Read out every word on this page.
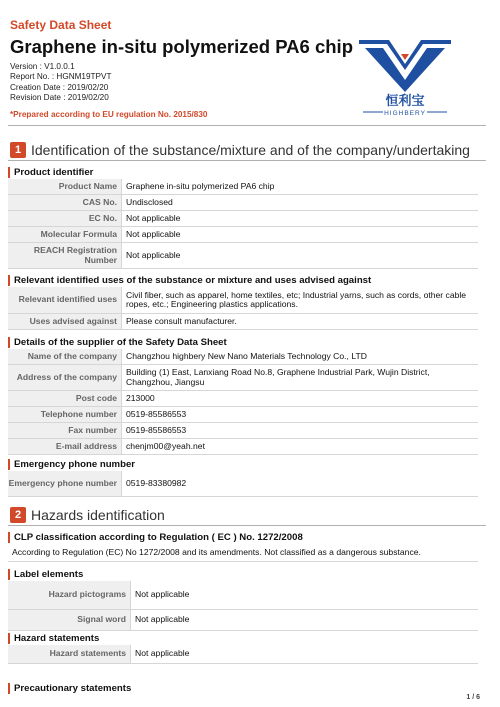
Safety Data Sheet
Graphene in-situ polymerized PA6 chip
Version : V1.0.0.1
Report No. : HGNM19TPVT
Creation Date : 2019/02/20
Revision Date : 2019/02/20
*Prepared according to EU regulation No. 2015/830
恒利宝
HIGHBERY
1 Identification of the substance/mixture and of the company/undertaking
Product identifier
Product Name	Graphene in-situ polymerized PA6 chip
CAS No.	Undisclosed
EC No.	Not applicable
Molecular Formula	Not applicable
REACH Registration Number	Not applicable
Relevant identified uses of the substance or mixture and uses advised against
Relevant identified uses	Civil fiber, such as apparel, home textiles, etc; Industrial yarns, such as cords, other cable ropes, etc.; Engineering plastics applications.
Uses advised against	Please consult manufacturer.
Details of the supplier of the Safety Data Sheet
Name of the company	Changzhou highbery New Nano Materials Technology Co., LTD
Address of the company	Building (1) East, Lanxiang Road No.8, Graphene Industrial Park, Wujin District, Changzhou, Jiangsu
Post code	213000
Telephone number	0519-85586553
Fax number	0519-85586553
E-mail address	chenjm00@yeah.net
Emergency phone number
Emergency phone number	0519-83380982
2 Hazards identification
CLP classification according to Regulation ( EC ) No. 1272/2008
According to Regulation (EC) No 1272/2008 and its amendments. Not classified as a dangerous substance.
Label elements
Hazard pictograms	Not applicable
Signal word	Not applicable
Hazard statements
Hazard statements	Not applicable
Precautionary statements
1 / 6
